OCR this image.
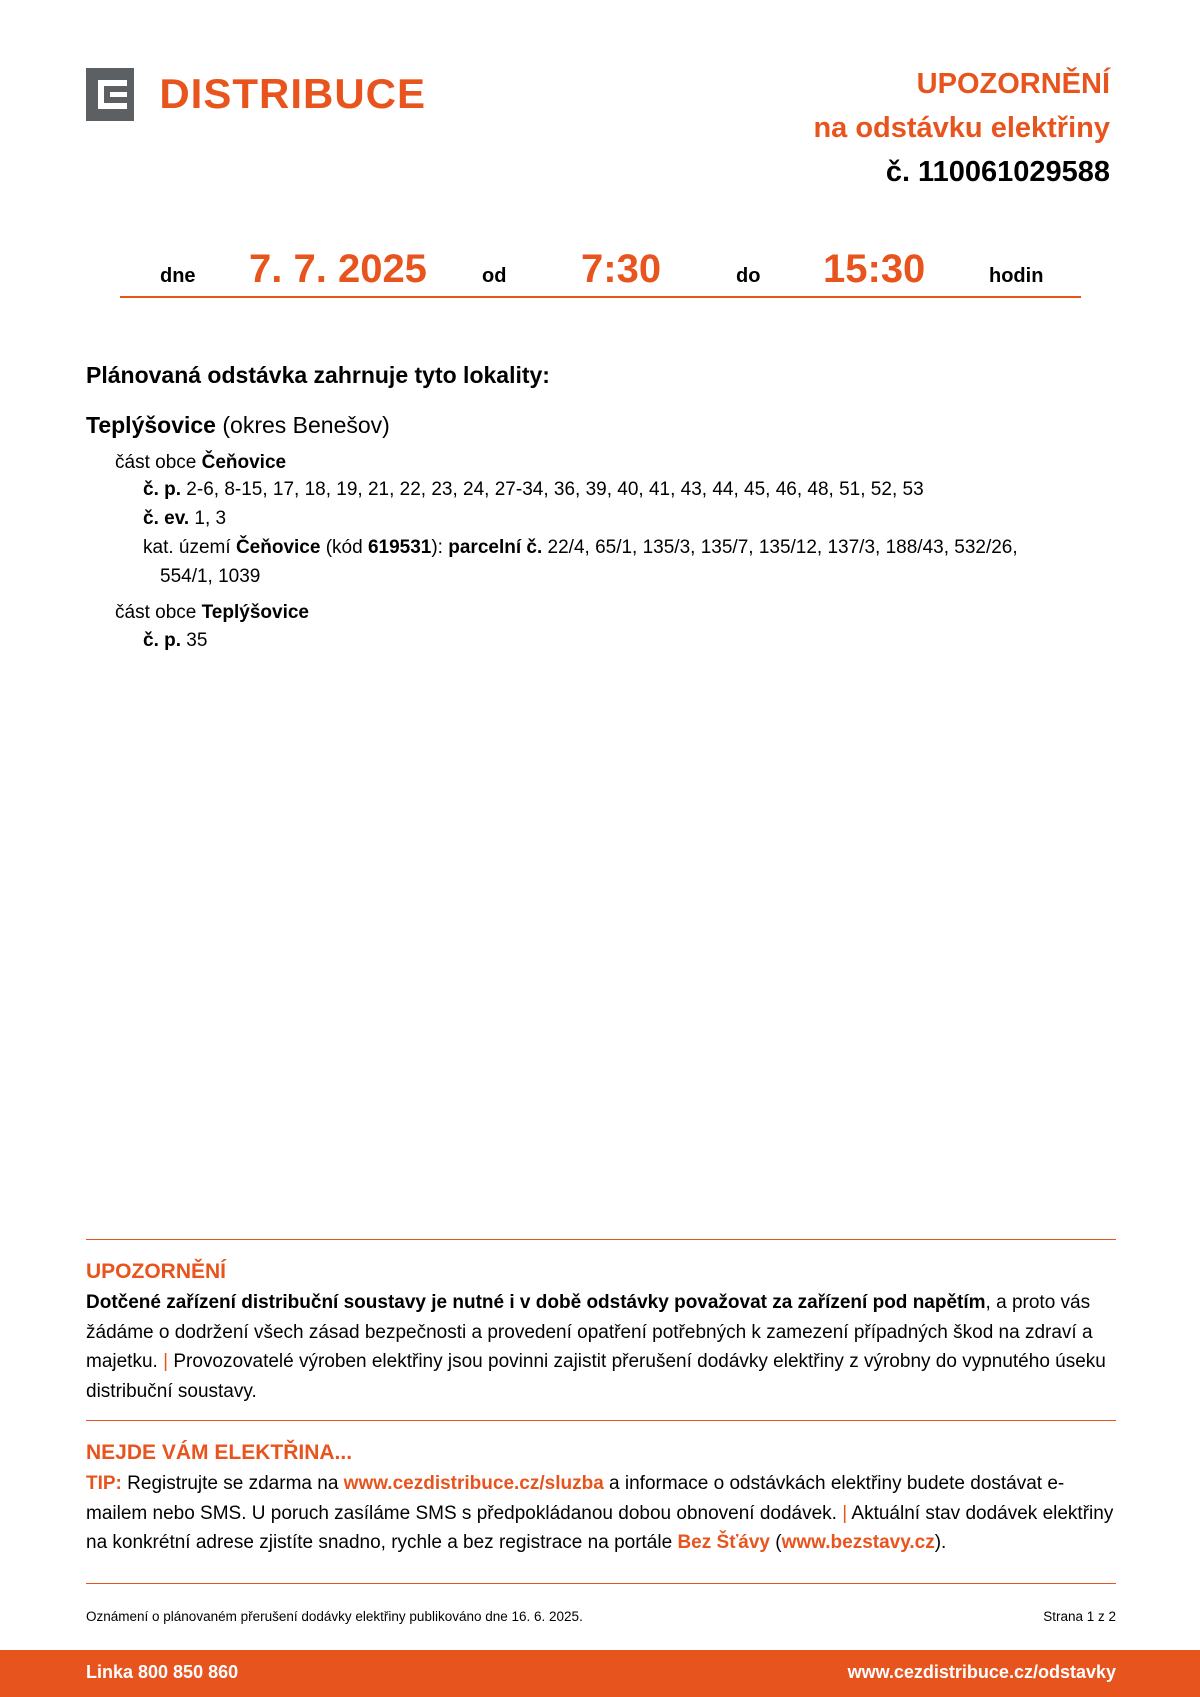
DISTRIBUCE	UPOZORNĚNÍ
na odstávku elektřiny
č. 110061029588
dne 7. 7. 2025	od 7:30	do 15:30	hodin
Plánovaná odstávka zahrnuje tyto lokality:
Teplýšovice (okres Benešov)
část obce Čeňovice
č. p. 2-6, 8-15, 17, 18, 19, 21, 22, 23, 24, 27-34, 36, 39, 40, 41, 43, 44, 45, 46, 48, 51, 52, 53
č. ev. 1, 3
kat. území Čeňovice (kód 619531): parcelní č. 22/4, 65/1, 135/3, 135/7, 135/12, 137/3, 188/43, 532/26,
554/1, 1039
část obce Teplýšovice
č. p. 35
UPOZORNĚNÍ
Dotčené zařízení distribuční soustavy je nutné i v době odstávky považovat za zařízení pod napětím, a proto vás žádáme o dodržení všech zásad bezpečnosti a provedení opatření potřebných k zamezení případných škod na zdraví a majetku. | Provozovatelé výroben elektřiny jsou povinni zajistit přerušení dodávky elektřiny z výrobny do vypnutého úseku distribuční soustavy.
NEJDE VÁM ELEKTŘINA...
TIP: Registrujte se zdarma na www.cezdistribuce.cz/sluzba a informace o odstávkách elektřiny budete dostávat e-mailem nebo SMS. U poruch zasíláme SMS s předpokládanou dobou obnovení dodávek. | Aktuální stav dodávek elektřiny na konkrétní adrese zjistíte snadno, rychle a bez registrace na portále Bez Šťávy (www.bezstavy.cz).
Oznámení o plánovaném přerušení dodávky elektřiny publikováno dne 16. 6. 2025.	Strana 1 z 2
Linka 800 850 860	www.cezdistribuce.cz/odstavky
